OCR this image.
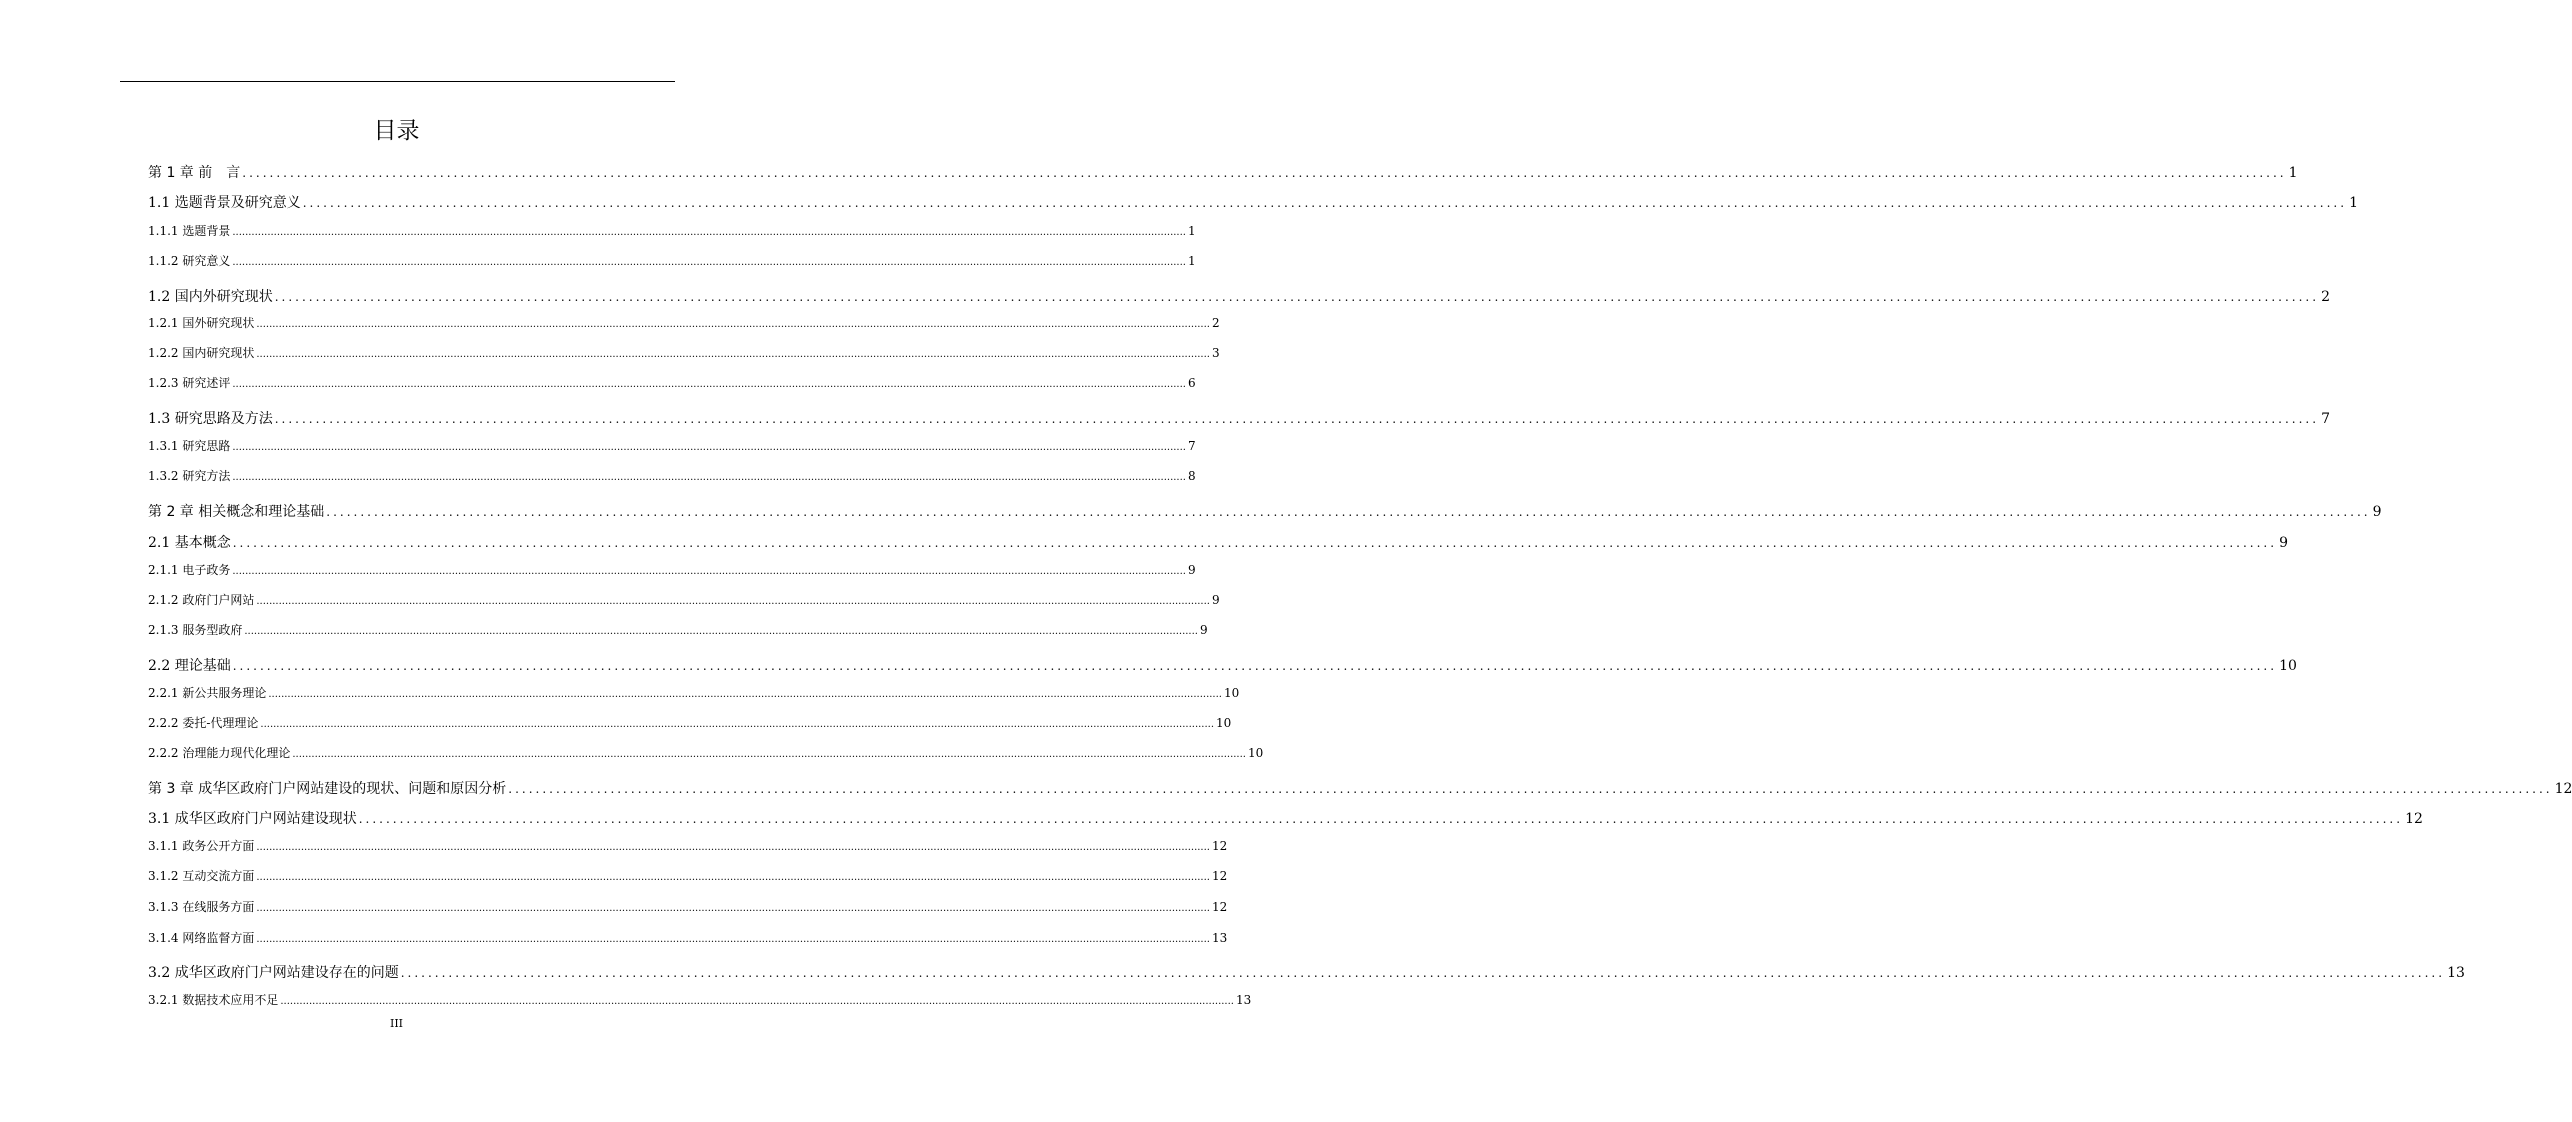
目录
第 1 章 前　言 ............................................................................................................................................................................................................................................................................................................ 1
1.1 选题背景及研究意义 ............................................................................................................................................................................................................................................................................................................ 1
1.1.1 选题背景 ............................................................................................................................................................................................................................................................................................................ 1
1.1.2 研究意义 ............................................................................................................................................................................................................................................................................................................ 1
1.2 国内外研究现状 ............................................................................................................................................................................................................................................................................................................ 2
1.2.1 国外研究现状 ............................................................................................................................................................................................................................................................................................................ 2
1.2.2 国内研究现状 ............................................................................................................................................................................................................................................................................................................ 3
1.2.3 研究述评 ............................................................................................................................................................................................................................................................................................................ 6
1.3 研究思路及方法 ............................................................................................................................................................................................................................................................................................................ 7
1.3.1 研究思路 ............................................................................................................................................................................................................................................................................................................ 7
1.3.2 研究方法 ............................................................................................................................................................................................................................................................................................................ 8
第 2 章 相关概念和理论基础 ............................................................................................................................................................................................................................................................................................................ 9
2.1 基本概念 ............................................................................................................................................................................................................................................................................................................ 9
2.1.1 电子政务 ............................................................................................................................................................................................................................................................................................................ 9
2.1.2 政府门户网站 ............................................................................................................................................................................................................................................................................................................ 9
2.1.3 服务型政府 ............................................................................................................................................................................................................................................................................................................ 9
2.2 理论基础 ............................................................................................................................................................................................................................................................................................................ 10
2.2.1 新公共服务理论 ............................................................................................................................................................................................................................................................................................................ 10
2.2.2 委托-代理理论 ............................................................................................................................................................................................................................................................................................................ 10
2.2.2 治理能力现代化理论 ............................................................................................................................................................................................................................................................................................................ 10
第 3 章 成华区政府门户网站建设的现状、问题和原因分析 ............................................................................................................................................................................................................................................................................................................ 12
3.1 成华区政府门户网站建设现状 ............................................................................................................................................................................................................................................................................................................ 12
3.1.1 政务公开方面 ............................................................................................................................................................................................................................................................................................................ 12
3.1.2 互动交流方面 ............................................................................................................................................................................................................................................................................................................ 12
3.1.3 在线服务方面 ............................................................................................................................................................................................................................................................................................................ 12
3.1.4 网络监督方面 ............................................................................................................................................................................................................................................................................................................ 13
3.2 成华区政府门户网站建设存在的问题 ............................................................................................................................................................................................................................................................................................................ 13
3.2.1 数据技术应用不足 ............................................................................................................................................................................................................................................................................................................ 13
III
